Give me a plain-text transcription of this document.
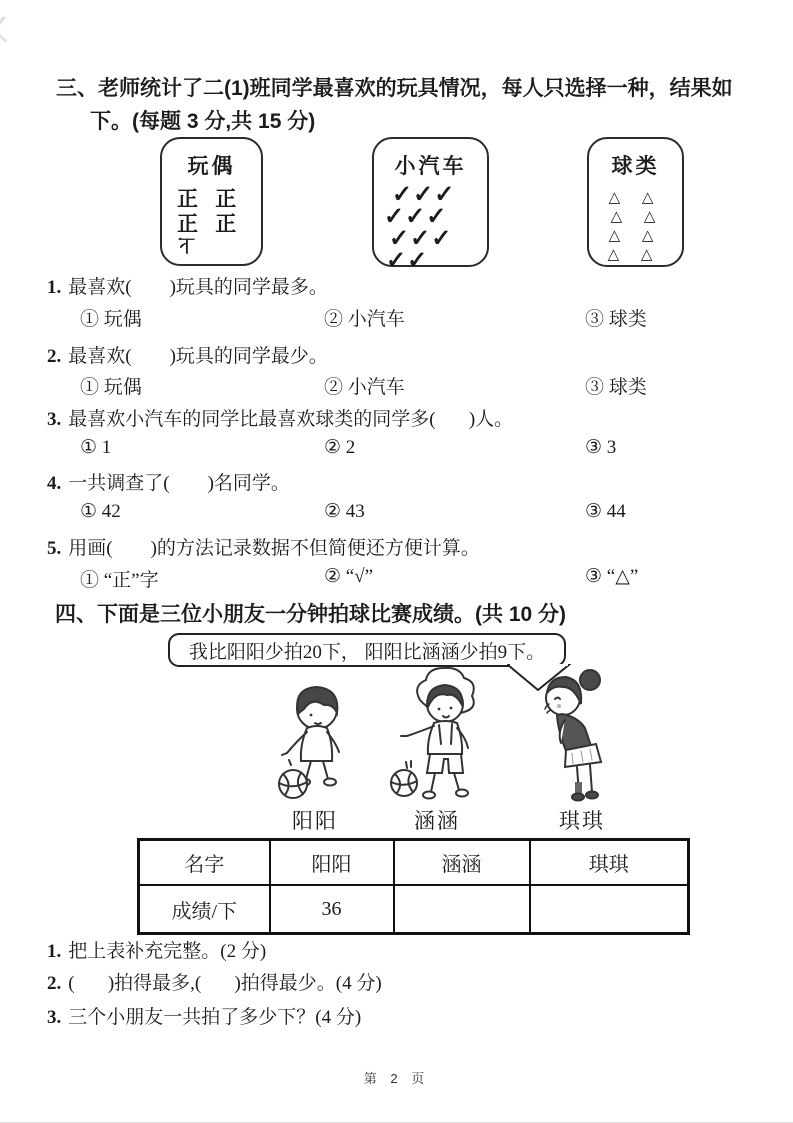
三、老师统计了二(1)班同学最喜欢的玩具情况，每人只选择一种，结果如
下。(每题 3 分,共 15 分)
玩偶
正 正
正 正
下
小汽车
✓✓✓
✓✓✓
✓✓✓
✓✓
球类
△ △
△ △
△ △
△ △
1. 最喜欢(        )玩具的同学最多。
① 玩偶	② 小汽车	③ 球类
2. 最喜欢(        )玩具的同学最少。
① 玩偶	② 小汽车	③ 球类
3. 最喜欢小汽车的同学比最喜欢球类的同学多(       )人。
① 1	② 2	③ 3
4. 一共调查了(        )名同学。
① 42	② 43	③ 44
5. 用画(        )的方法记录数据不但简便还方便计算。
① “正”字	② “√”	③ “△”
四、下面是三位小朋友一分钟拍球比赛成绩。(共 10 分)
我比阳阳少拍20下， 阳阳比涵涵少拍9下。
阳阳	涵涵	琪琪
名字	阳阳	涵涵	琪琪
成绩/下	36		
1. 把上表补充完整。(2 分)
2. (       )拍得最多,(       )拍得最少。(4 分)
3. 三个小朋友一共拍了多少下？(4 分)
第 2 页
